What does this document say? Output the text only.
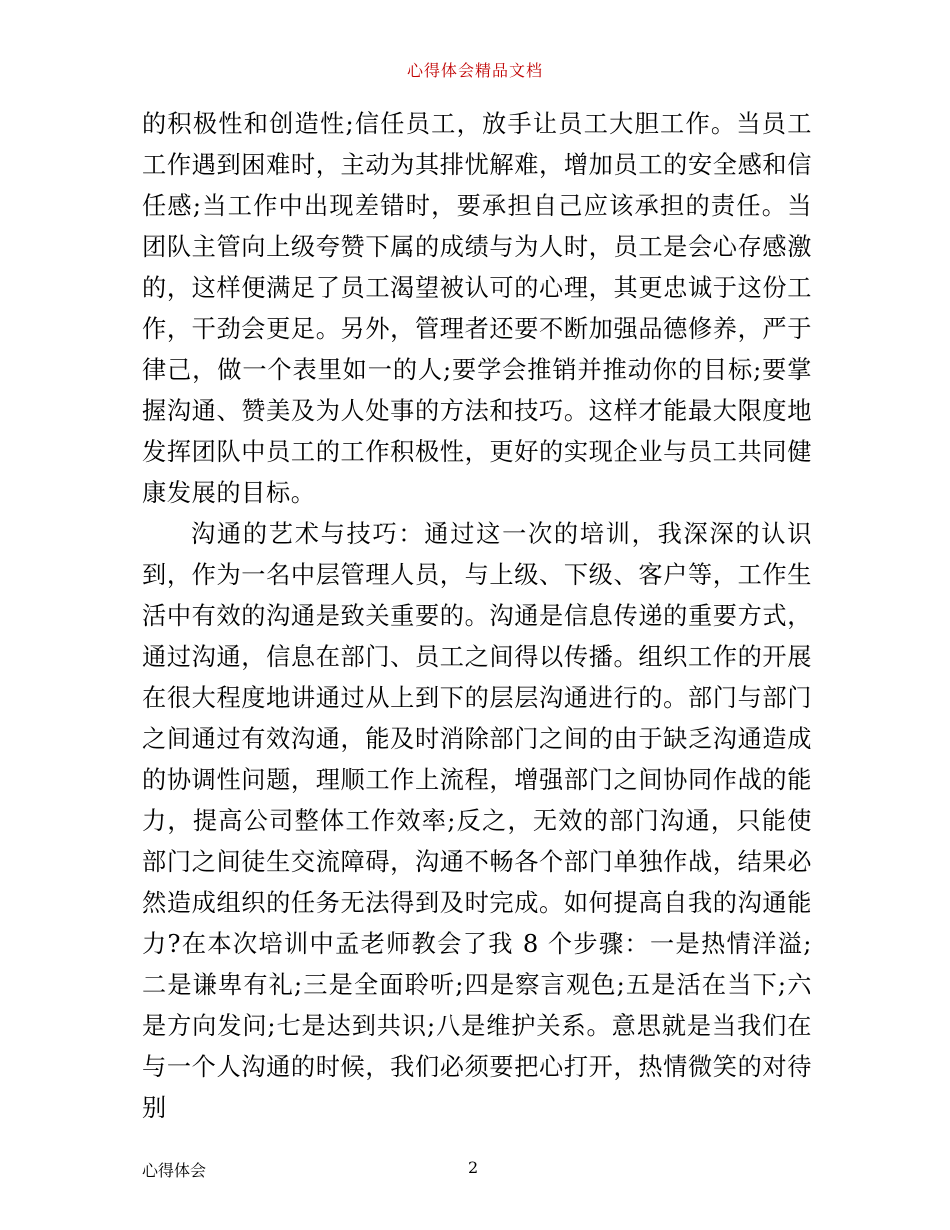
心得体会精品文档

的积极性和创造性;信任员工，放手让员工大胆工作。当员工工作遇到困难时，主动为其排忧解难，增加员工的安全感和信任感;当工作中出现差错时，要承担自己应该承担的责任。当团队主管向上级夸赞下属的成绩与为人时，员工是会心存感激的，这样便满足了员工渴望被认可的心理，其更忠诚于这份工作，干劲会更足。另外，管理者还要不断加强品德修养，严于律己，做一个表里如一的人;要学会推销并推动你的目标;要掌握沟通、赞美及为人处事的方法和技巧。这样才能最大限度地发挥团队中员工的工作积极性，更好的实现企业与员工共同健康发展的目标。

沟通的艺术与技巧：通过这一次的培训，我深深的认识到，作为一名中层管理人员，与上级、下级、客户等，工作生活中有效的沟通是致关重要的。沟通是信息传递的重要方式，通过沟通，信息在部门、员工之间得以传播。组织工作的开展在很大程度地讲通过从上到下的层层沟通进行的。部门与部门之间通过有效沟通，能及时消除部门之间的由于缺乏沟通造成的协调性问题，理顺工作上流程，增强部门之间协同作战的能力，提高公司整体工作效率;反之，无效的部门沟通，只能使部门之间徒生交流障碍，沟通不畅各个部门单独作战，结果必然造成组织的任务无法得到及时完成。如何提高自我的沟通能力?在本次培训中孟老师教会了我 8 个步骤：一是热情洋溢;二是谦卑有礼;三是全面聆听;四是察言观色;五是活在当下;六是方向发问;七是达到共识;八是维护关系。意思就是当我们在与一个人沟通的时候，我们必须要把心打开，热情微笑的对待别

心得体会	2
